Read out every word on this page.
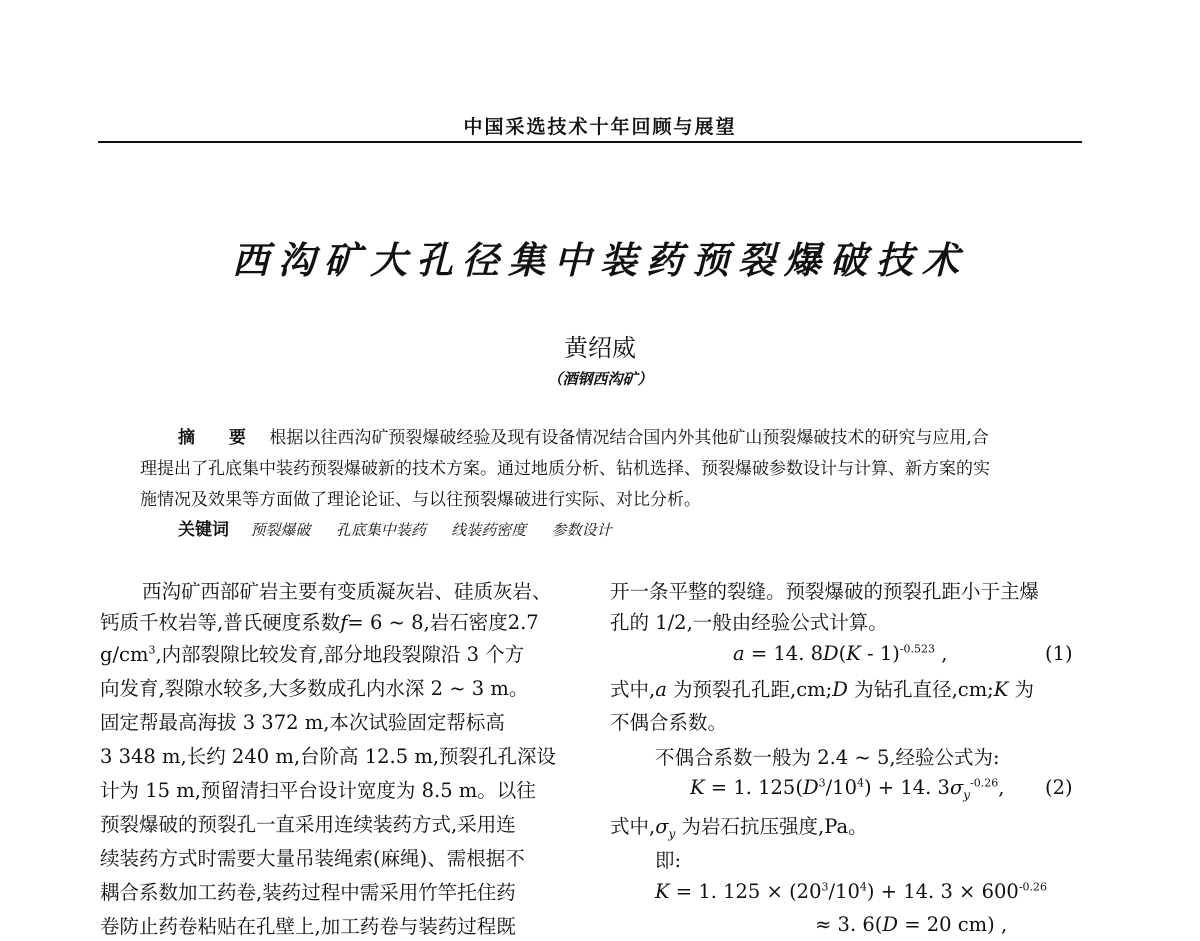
中国采选技术十年回顾与展望
西沟矿大孔径集中装药预裂爆破技术
黄绍威
（酒钢西沟矿）
摘 要 根据以往西沟矿预裂爆破经验及现有设备情况结合国内外其他矿山预裂爆破技术的研究与应用,合
理提出了孔底集中装药预裂爆破新的技术方案。通过地质分析、钻机选择、预裂爆破参数设计与计算、新方案的实
施情况及效果等方面做了理论论证、与以往预裂爆破进行实际、对比分析。
关键词 预裂爆破 孔底集中装药 线装药密度 参数设计
西沟矿西部矿岩主要有变质凝灰岩、硅质灰岩、
钙质千枚岩等,普氏硬度系数f= 6 ~ 8,岩石密度2.7
$g/cm^3$,内部裂隙比较发育,部分地段裂隙沿 3 个方
向发育,裂隙水较多,大多数成孔内水深 2 ~ 3 m。
固定帮最高海拔 3 372 m,本次试验固定帮标高
3 348 m,长约 240 m,台阶高 12.5 m,预裂孔孔深设
计为 15 m,预留清扫平台设计宽度为 8.5 m。以往
预裂爆破的预裂孔一直采用连续装药方式,采用连
续装药方式时需要大量吊装绳索(麻绳)、需根据不
耦合系数加工药卷,装药过程中需采用竹竿托住药
卷防止药卷粘贴在孔壁上,加工药卷与装药过程既
开一条平整的裂缝。预裂爆破的预裂孔距小于主爆
孔的 1/2,一般由经验公式计算。
a = 14. 8D(K - 1)$^{-0.523}$ ,	(1)
式中,a 为预裂孔孔距,cm;D 为钻孔直径,cm;K 为
不偶合系数。
不偶合系数一般为 2.4 ~ 5,经验公式为:
K = 1. $125(D^3/10^4) + 14$. $3\sigma_y^{-0.26}$, (2)
式中$,\sigma_y$ 为岩石抗压强度,Pa。
即:
K = 1. $125 \times (20^3/10^4) + 14$. $3 \times 600^{-0.26}$
≈ 3. 6(D = 20 cm) ,
